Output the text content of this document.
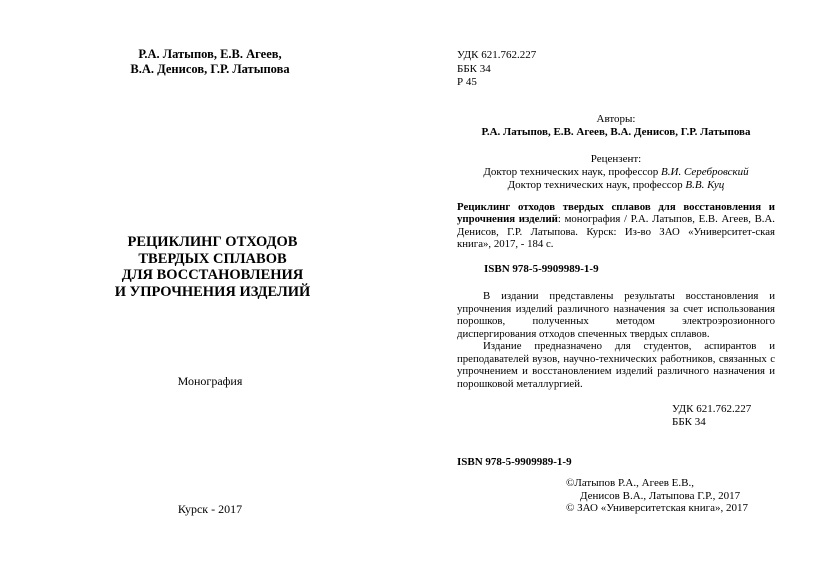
Р.А. Латыпов, Е.В. Агеев,
В.А. Денисов, Г.Р. Латыпова
РЕЦИКЛИНГ ОТХОДОВ
ТВЕРДЫХ СПЛАВОВ
ДЛЯ ВОССТАНОВЛЕНИЯ
И УПРОЧНЕНИЯ ИЗДЕЛИЙ
Монография
Курск - 2017
УДК 621.762.227
ББК 34
Р 45
Авторы:
Р.А. Латыпов, Е.В. Агеев, В.А. Денисов, Г.Р. Латыпова
Рецензент:
Доктор технических наук, профессор В.И. Серебровский
Доктор технических наук, профессор В.В. Куц
Рециклинг отходов твердых сплавов для восстановления и упрочнения изделий: монография / Р.А. Латыпов, Е.В. Агеев, В.А. Денисов, Г.Р. Латыпова. Курск: Из-во ЗАО «Университет-ская книга», 2017, - 184 с.
ISBN 978-5-9909989-1-9

В издании представлены результаты восстановления и упрочнения изделий различного назначения за счет использования порошков, полученных методом электроэрозионного диспергирования отходов спеченных твердых сплавов.

Издание предназначено для студентов, аспирантов и преподавателей вузов, научно-технических работников, связанных с упрочнением и восстановлением изделий различного назначения и порошковой металлургией.

УДК 621.762.227
ББК 34
ISBN 978-5-9909989-1-9
©Латыпов Р.А., Агеев Е.В.,
Денисов В.А., Латыпова Г.Р., 2017
© ЗАО «Университетская книга», 2017
